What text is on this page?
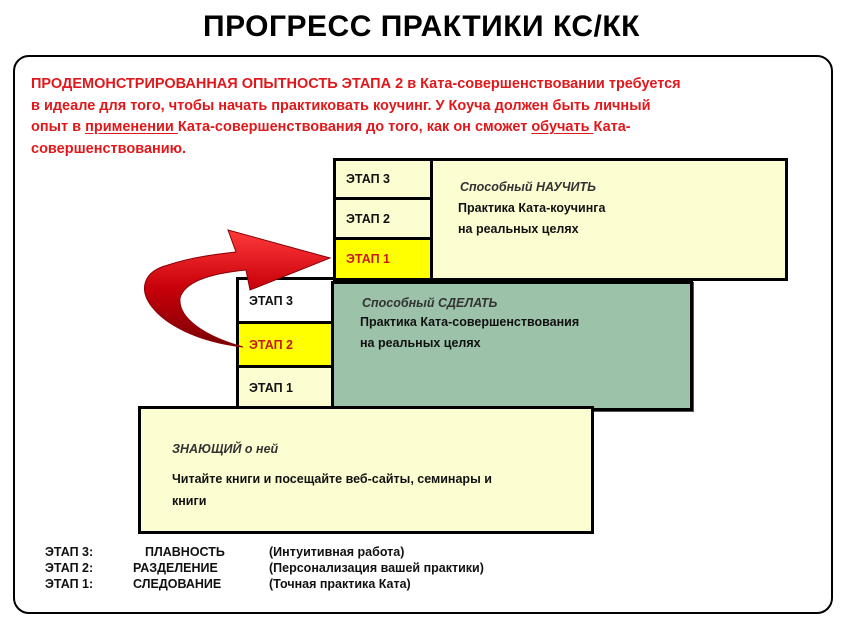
ПРОГРЕСС ПРАКТИКИ КС/КК
ПРОДЕМОНСТРИРОВАННАЯ ОПЫТНОСТЬ ЭТАПА 2 в Ката-совершенствовании требуется в идеале для того, чтобы начать практиковать коучинг. У Коуча должен быть личный опыт в применении Ката-совершенствования до того, как он сможет обучать Ката-совершенствованию.
ЭТАП 3
ЭТАП 2
ЭТАП 1
Способный НАУЧИТЬ
Практика Ката-коучинга
на реальных целях
ЭТАП 3
ЭТАП 2
ЭТАП 1
Способный СДЕЛАТЬ
Практика Ката-совершенствования
на реальных целях
ЗНАЮЩИЙ о ней
Читайте книги и посещайте веб-сайты, семинары и
книги
ЭТАП 3:	ПЛАВНОСТЬ	(Интуитивная работа)
ЭТАП 2:	РАЗДЕЛЕНИЕ	(Персонализация вашей практики)
ЭТАП 1:	СЛЕДОВАНИЕ	(Точная практика Ката)
